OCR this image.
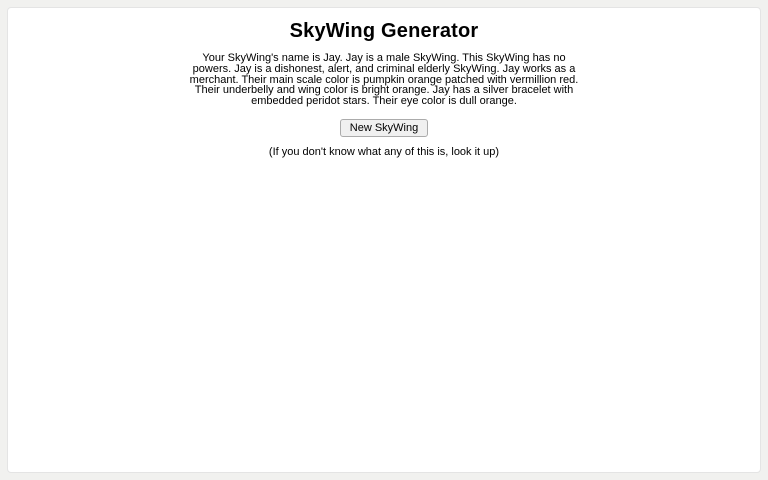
SkyWing Generator

Your SkyWing's name is Jay. Jay is a male SkyWing. This SkyWing has no powers. Jay is a dishonest, alert, and criminal elderly SkyWing. Jay works as a merchant. Their main scale color is pumpkin orange patched with vermillion red. Their underbelly and wing color is bright orange. Jay has a silver bracelet with embedded peridot stars. Their eye color is dull orange.

New SkyWing

(If you don't know what any of this is, look it up)
